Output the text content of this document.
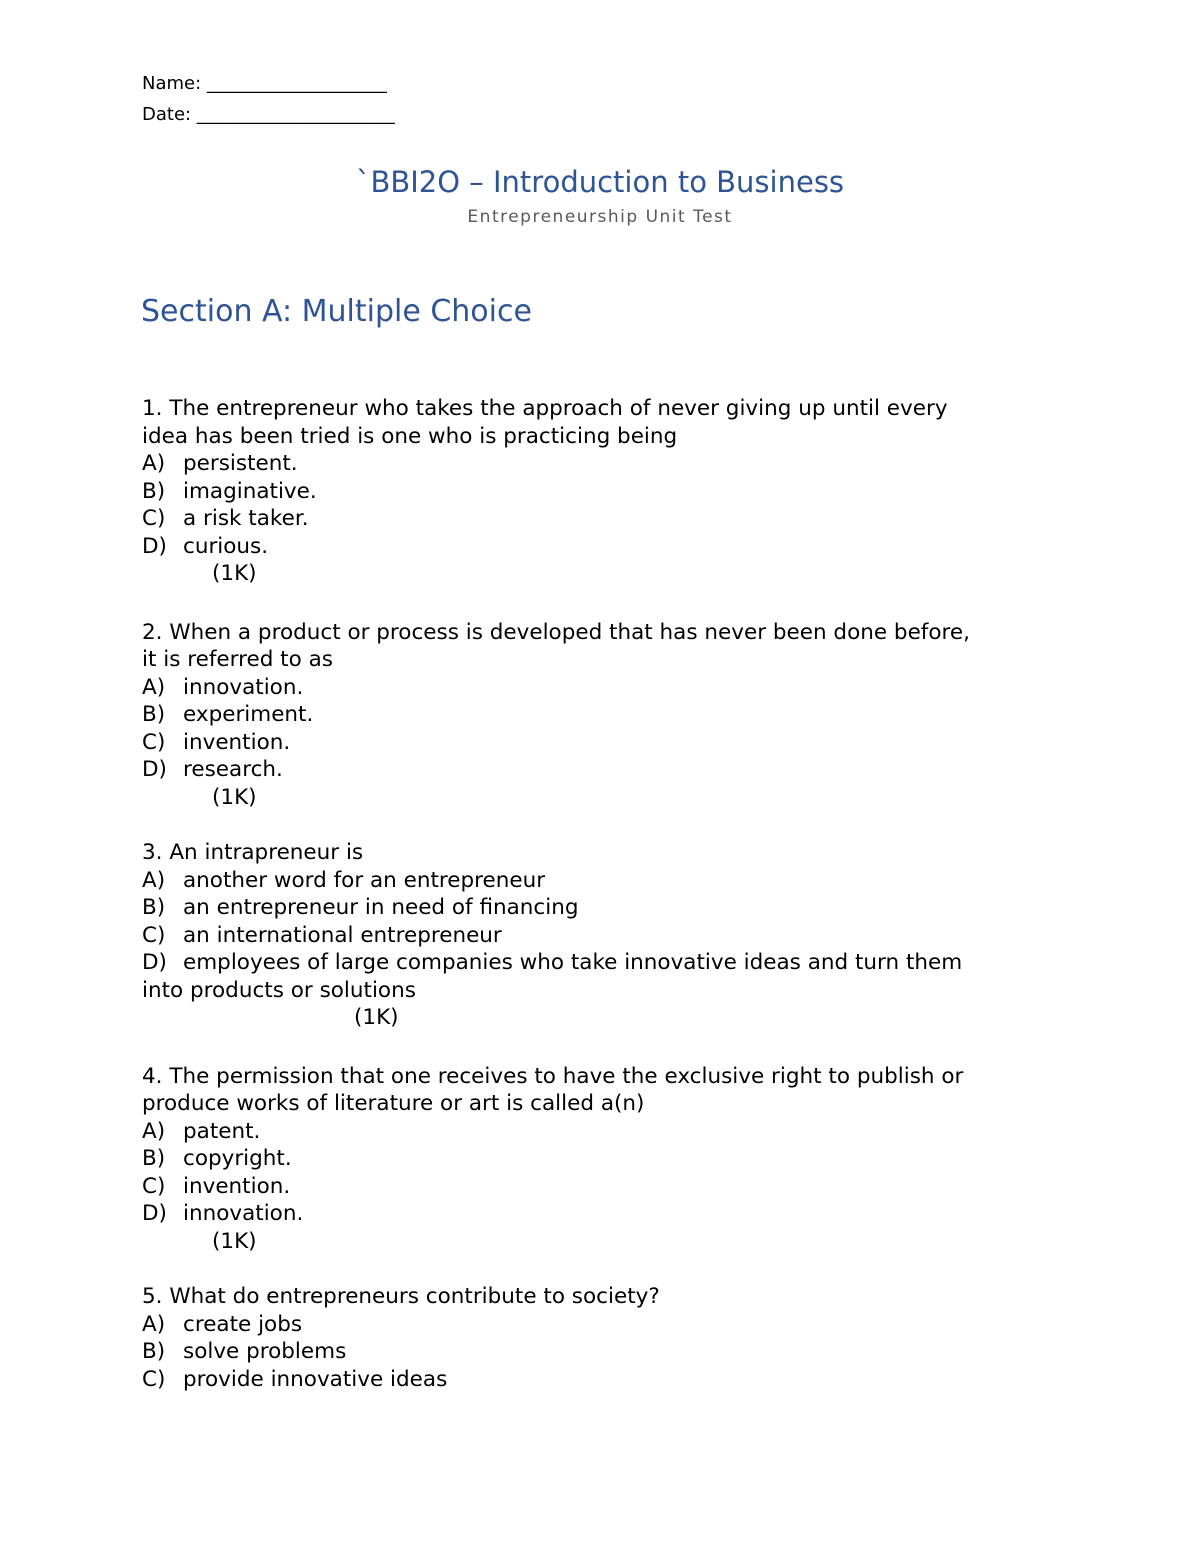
Name: ____________________
Date: ______________________
`BBI2O – Introduction to Business
Entrepreneurship Unit Test
Section A: Multiple Choice
1. The entrepreneur who takes the approach of never giving up until every
idea has been tried is one who is practicing being
A) persistent.
B) imaginative.
C) a risk taker.
D) curious.
(1K)
2. When a product or process is developed that has never been done before,
it is referred to as
A) innovation.
B) experiment.
C) invention.
D) research.
(1K)
3. An intrapreneur is
A) another word for an entrepreneur
B) an entrepreneur in need of financing
C) an international entrepreneur
D) employees of large companies who take innovative ideas and turn them
into products or solutions
(1K)
4. The permission that one receives to have the exclusive right to publish or
produce works of literature or art is called a(n)
A) patent.
B) copyright.
C) invention.
D) innovation.
(1K)
5. What do entrepreneurs contribute to society?
A) create jobs
B) solve problems
C) provide innovative ideas
